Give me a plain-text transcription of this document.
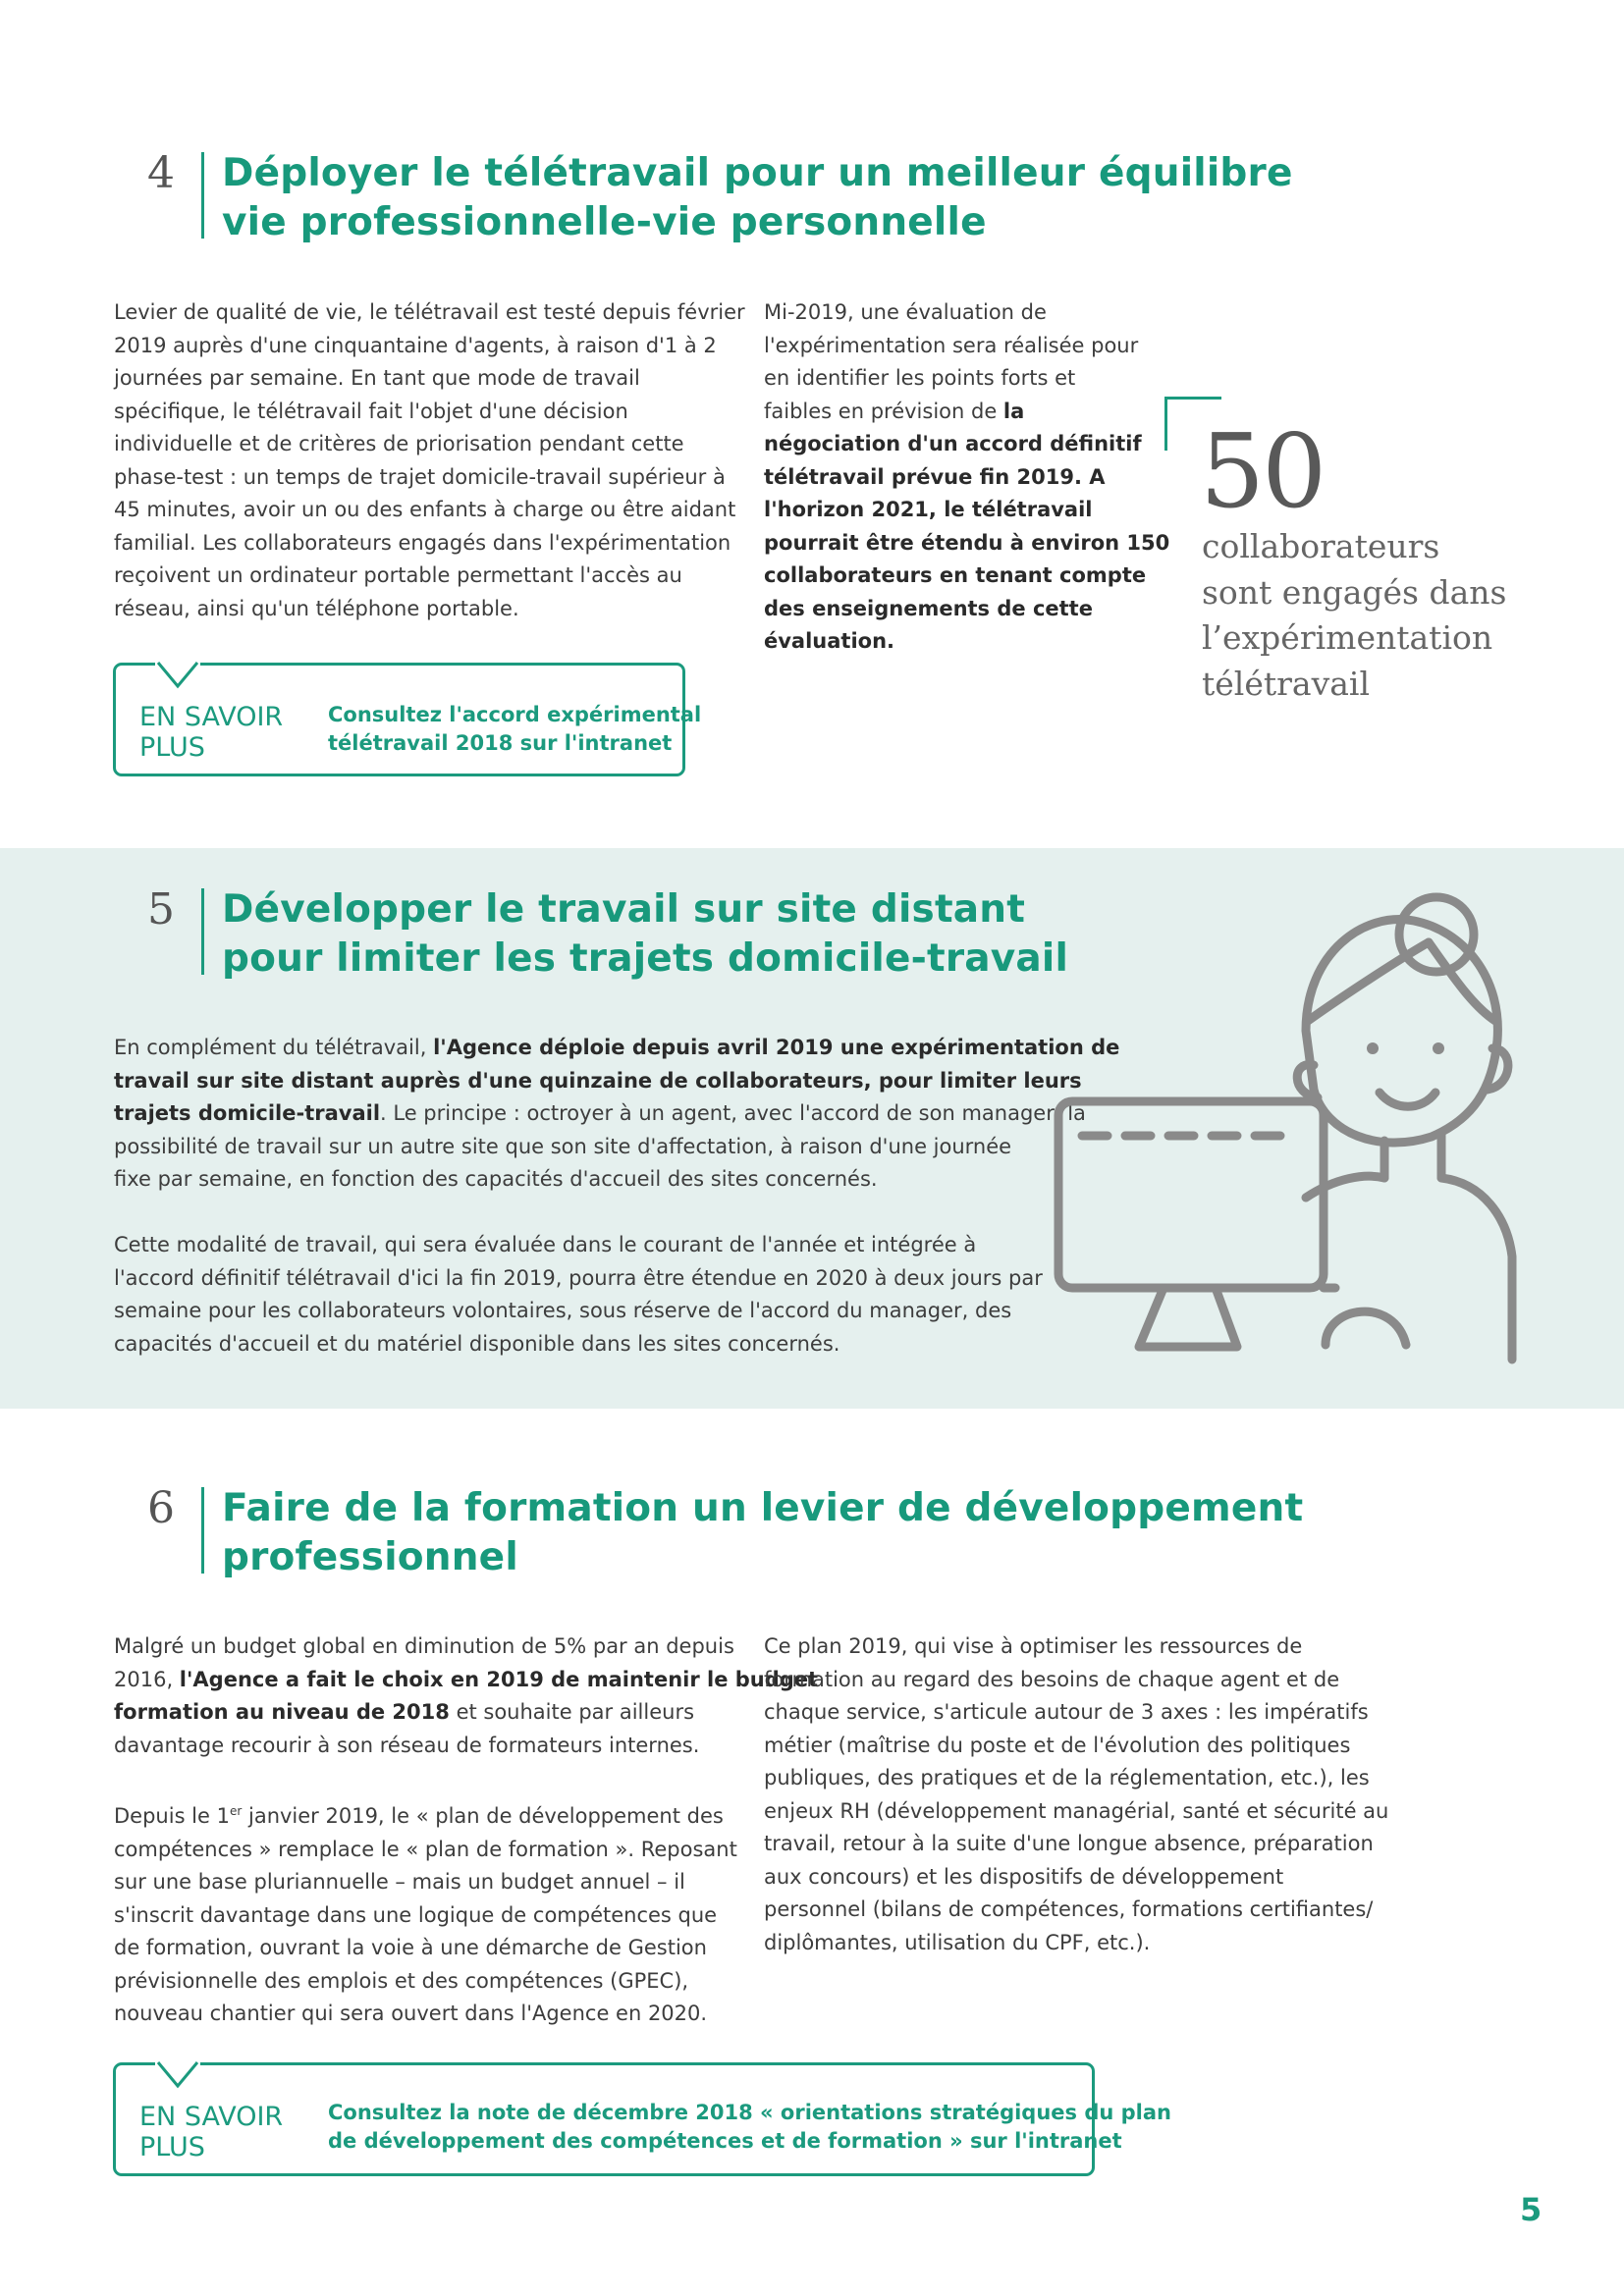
4 Déployer le télétravail pour un meilleur équilibre
vie professionnelle-vie personnelle
Levier de qualité de vie, le télétravail est testé depuis février
2019 auprès d'une cinquantaine d'agents, à raison d'1 à 2
journées par semaine. En tant que mode de travail
spécifique, le télétravail fait l'objet d'une décision
individuelle et de critères de priorisation pendant cette
phase-test : un temps de trajet domicile-travail supérieur à
45 minutes, avoir un ou des enfants à charge ou être aidant
familial. Les collaborateurs engagés dans l'expérimentation
reçoivent un ordinateur portable permettant l'accès au
réseau, ainsi qu'un téléphone portable.
Mi-2019, une évaluation de
l'expérimentation sera réalisée pour
en identifier les points forts et
faibles en prévision de la
négociation d'un accord définitif
télétravail prévue fin 2019. A
l'horizon 2021, le télétravail
pourrait être étendu à environ 150
collaborateurs en tenant compte
des enseignements de cette
évaluation.
EN SAVOIR
PLUS
Consultez l'accord expérimental
télétravail 2018 sur l'intranet
50
collaborateurs
sont engagés dans
l’expérimentation
télétravail
5 Développer le travail sur site distant
pour limiter les trajets domicile-travail
En complément du télétravail, l'Agence déploie depuis avril 2019 une expérimentation de
travail sur site distant auprès d'une quinzaine de collaborateurs, pour limiter leurs
trajets domicile-travail. Le principe : octroyer à un agent, avec l'accord de son manager, la
possibilité de travail sur un autre site que son site d'affectation, à raison d'une journée
fixe par semaine, en fonction des capacités d'accueil des sites concernés.
Cette modalité de travail, qui sera évaluée dans le courant de l'année et intégrée à
l'accord définitif télétravail d'ici la fin 2019, pourra être étendue en 2020 à deux jours par
semaine pour les collaborateurs volontaires, sous réserve de l'accord du manager, des
capacités d'accueil et du matériel disponible dans les sites concernés.
6 Faire de la formation un levier de développement
professionnel
Malgré un budget global en diminution de 5% par an depuis
2016, l'Agence a fait le choix en 2019 de maintenir le budget
formation au niveau de 2018 et souhaite par ailleurs
davantage recourir à son réseau de formateurs internes.
Depuis le 1er janvier 2019, le « plan de développement des
compétences » remplace le « plan de formation ». Reposant
sur une base pluriannuelle – mais un budget annuel – il
s'inscrit davantage dans une logique de compétences que
de formation, ouvrant la voie à une démarche de Gestion
prévisionnelle des emplois et des compétences (GPEC),
nouveau chantier qui sera ouvert dans l'Agence en 2020.
Ce plan 2019, qui vise à optimiser les ressources de
formation au regard des besoins de chaque agent et de
chaque service, s'articule autour de 3 axes : les impératifs
métier (maîtrise du poste et de l'évolution des politiques
publiques, des pratiques et de la réglementation, etc.), les
enjeux RH (développement managérial, santé et sécurité au
travail, retour à la suite d'une longue absence, préparation
aux concours) et les dispositifs de développement
personnel (bilans de compétences, formations certifiantes/
diplômantes, utilisation du CPF, etc.).
EN SAVOIR
PLUS
Consultez la note de décembre 2018 « orientations stratégiques du plan
de développement des compétences et de formation » sur l'intranet
5
